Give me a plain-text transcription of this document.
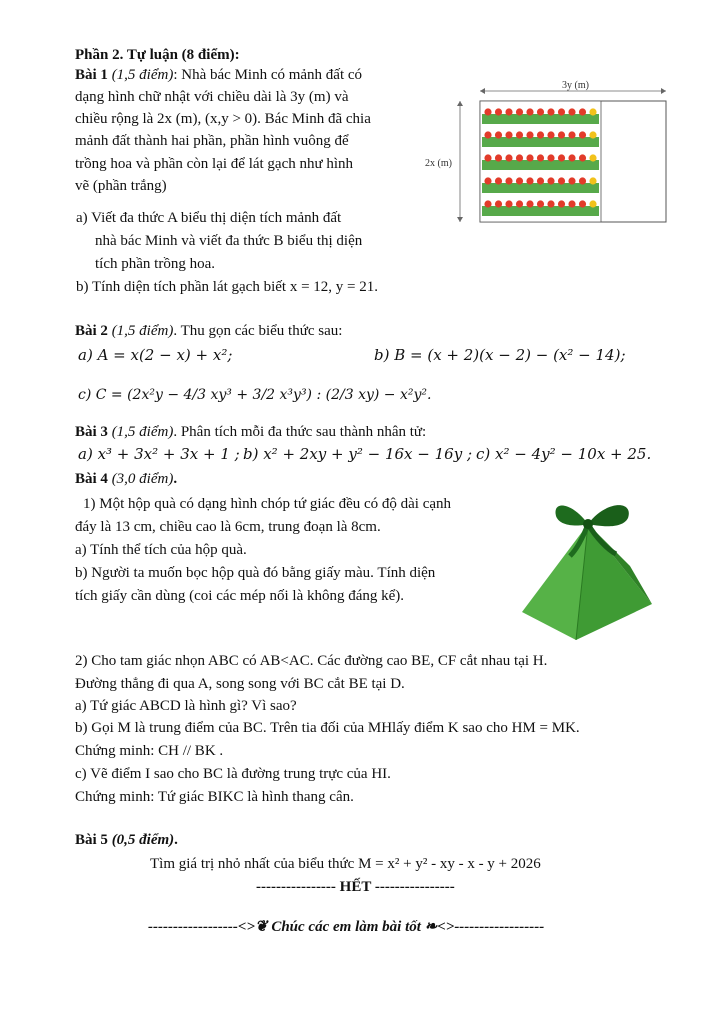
Phần 2. Tự luận (8 điểm):
Bài 1 (1,5 điểm): Nhà bác Minh có mảnh đất có
dạng hình chữ nhật với chiều dài là 3y (m) và
chiều rộng là 2x (m), (x,y > 0). Bác Minh đã chia
mảnh đất thành hai phần, phần hình vuông để
trồng hoa và phần còn lại để lát gạch như hình
vẽ (phần trắng)
a) Viết đa thức A biểu thị diện tích mảnh đất
nhà bác Minh và viết đa thức B biểu thị diện
tích phần trồng hoa.
b) Tính diện tích phần lát gạch biết x = 12, y = 21.
3y (m)
2x (m)
Bài 2 (1,5 điểm). Thu gọn các biểu thức sau:
a) A = x(2 − x) + x²;	b) B = (x + 2)(x − 2) − (x² − 14);
c) C = (2x²y − 4/3 xy³ + 3/2 x³y³) : (2/3 xy) − x²y².
Bài 3 (1,5 điểm). Phân tích mỗi đa thức sau thành nhân tử:
a) x³ + 3x² + 3x + 1 ; b) x² + 2xy + y² − 16x − 16y ; c) x² − 4y² − 10x + 25.
Bài 4 (3,0 điểm).
1) Một hộp quà có dạng hình chóp tứ giác đều có độ dài cạnh
đáy là 13 cm, chiều cao là 6cm, trung đoạn là 8cm.
a) Tính thể tích của hộp quà.
b) Người ta muốn bọc hộp quà đó bằng giấy màu. Tính diện
tích giấy cần dùng (coi các mép nối là không đáng kể).
2) Cho tam giác nhọn ABC có AB<AC. Các đường cao BE, CF cắt nhau tại H.
Đường thẳng đi qua A, song song với BC cắt BE tại D.
a) Tứ giác ABCD là hình gì? Vì sao?
b) Gọi M là trung điểm của BC. Trên tia đối của MHlấy điểm K sao cho HM = MK.
Chứng minh: CH // BK .
c) Vẽ điểm I sao cho BC là đường trung trực của HI.
Chứng minh: Tứ giác BIKC là hình thang cân.
Bài 5 (0,5 điểm).
Tìm giá trị nhỏ nhất của biểu thức M = x² + y² - xy - x - y + 2026
---------------- HẾT ----------------
------------------<>❦ Chúc các em làm bài tốt ❧<>------------------
